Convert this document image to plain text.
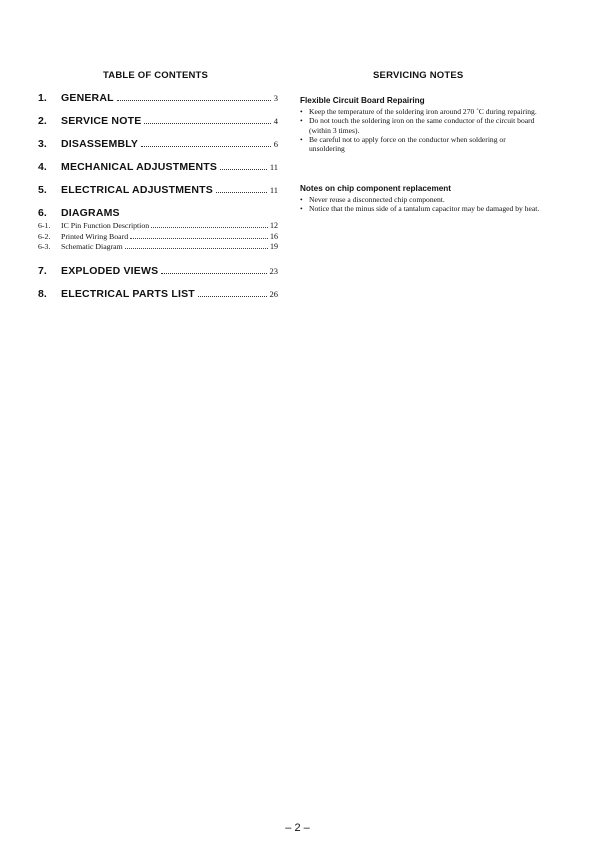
TABLE OF CONTENTS
1.	GENERAL	3
2.	SERVICE NOTE	4
3.	DISASSEMBLY	6
4.	MECHANICAL ADJUSTMENTS	11
5.	ELECTRICAL ADJUSTMENTS	11
6.	DIAGRAMS
6-1.	IC Pin Function Description	12
6-2.	Printed Wiring Board	16
6-3.	Schematic Diagram	19
7.	EXPLODED VIEWS	23
8.	ELECTRICAL PARTS LIST	26
SERVICING NOTES
Flexible Circuit Board Repairing
• Keep the temperature of the soldering iron around 270 ˚C during repairing.
• Do not touch the soldering iron on the same conductor of the circuit board (within 3 times).
• Be careful not to apply force on the conductor when soldering or unsoldering
Notes on chip component replacement
• Never reuse a disconnected chip component.
• Notice that the minus side of a tantalum capacitor may be damaged by heat.
– 2 –
